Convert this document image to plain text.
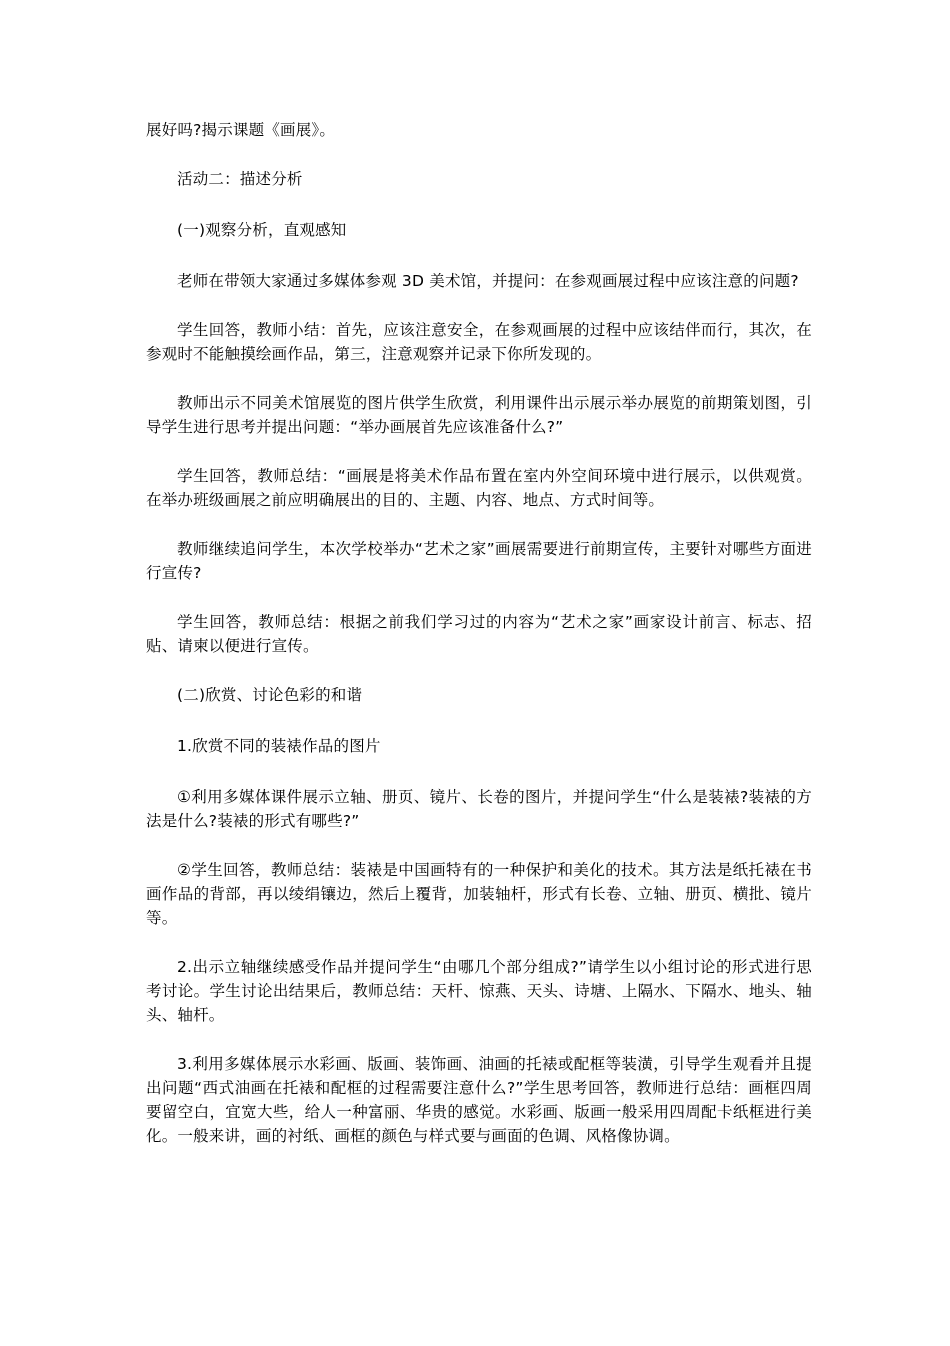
展好吗?揭示课题《画展》。

活动二：描述分析

(一)观察分析，直观感知

老师在带领大家通过多媒体参观 3D 美术馆，并提问：在参观画展过程中应该注意的问题?

学生回答，教师小结：首先，应该注意安全，在参观画展的过程中应该结伴而行，其次，在参观时不能触摸绘画作品，第三，注意观察并记录下你所发现的。

教师出示不同美术馆展览的图片供学生欣赏，利用课件出示展示举办展览的前期策划图，引导学生进行思考并提出问题：“举办画展首先应该准备什么?”

学生回答，教师总结：“画展是将美术作品布置在室内外空间环境中进行展示，以供观赏。在举办班级画展之前应明确展出的目的、主题、内容、地点、方式时间等。

教师继续追问学生，本次学校举办“艺术之家”画展需要进行前期宣传，主要针对哪些方面进行宣传?

学生回答，教师总结：根据之前我们学习过的内容为“艺术之家”画家设计前言、标志、招贴、请柬以便进行宣传。

(二)欣赏、讨论色彩的和谐

1.欣赏不同的装裱作品的图片

①利用多媒体课件展示立轴、册页、镜片、长卷的图片，并提问学生“什么是装裱?装裱的方法是什么?装裱的形式有哪些?”

②学生回答，教师总结：装裱是中国画特有的一种保护和美化的技术。其方法是纸托裱在书画作品的背部，再以绫绢镶边，然后上覆背，加装轴杆，形式有长卷、立轴、册页、横批、镜片等。

2.出示立轴继续感受作品并提问学生“由哪几个部分组成?”请学生以小组讨论的形式进行思考讨论。学生讨论出结果后，教师总结：天杆、惊燕、天头、诗塘、上隔水、下隔水、地头、轴头、轴杆。

3.利用多媒体展示水彩画、版画、装饰画、油画的托裱或配框等装潢，引导学生观看并且提出问题“西式油画在托裱和配框的过程需要注意什么?”学生思考回答，教师进行总结：画框四周要留空白，宜宽大些，给人一种富丽、华贵的感觉。水彩画、版画一般采用四周配卡纸框进行美化。一般来讲，画的衬纸、画框的颜色与样式要与画面的色调、风格像协调。
